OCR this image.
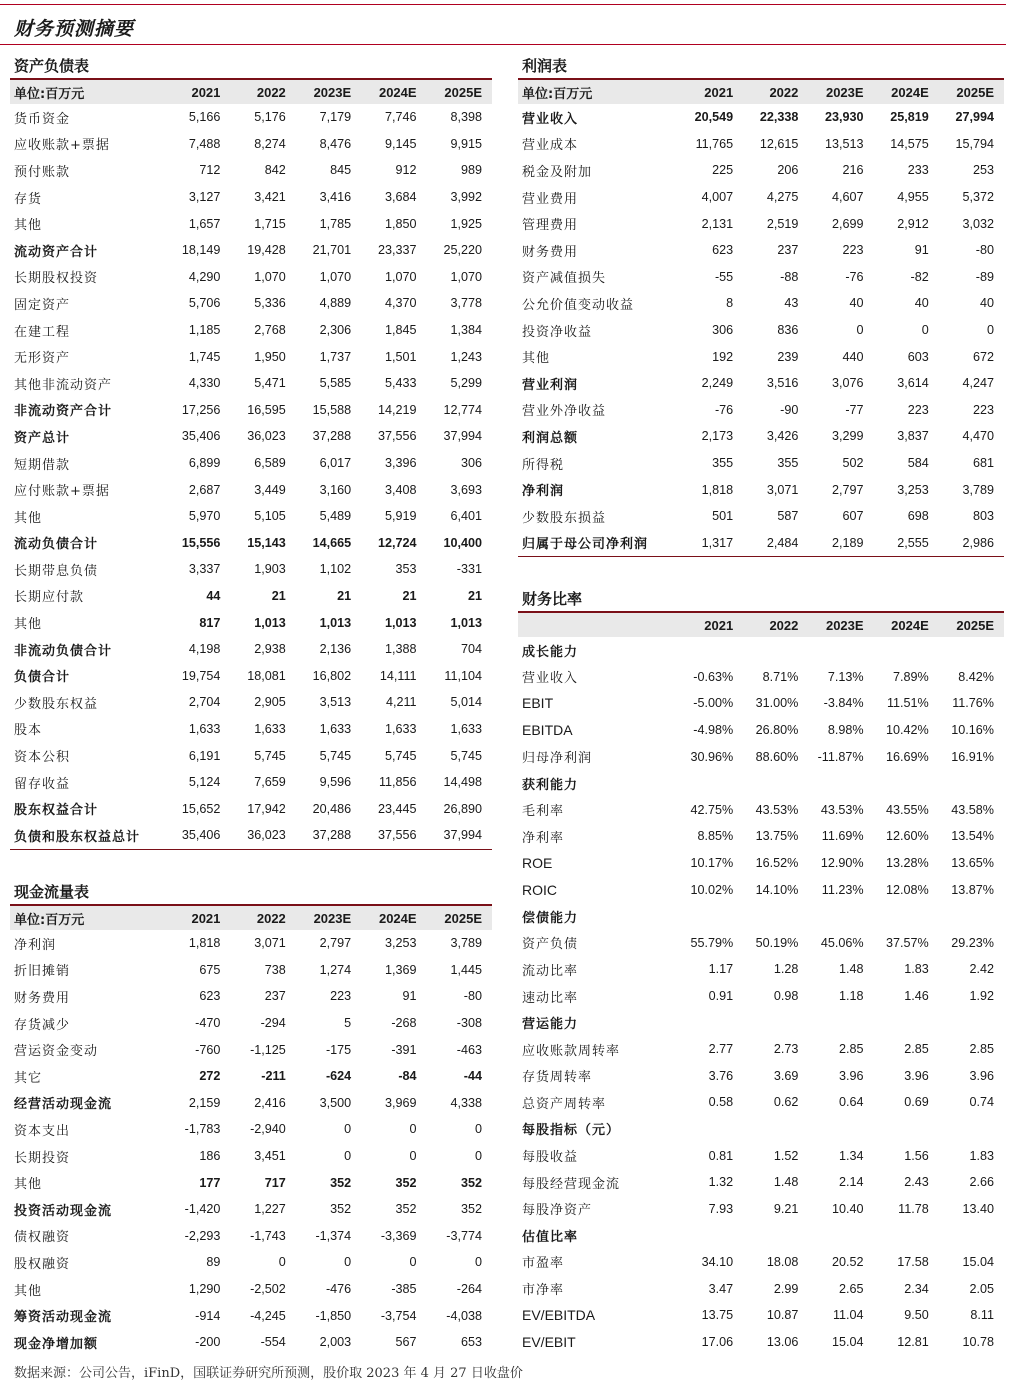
财务预测摘要
资产负债表
单位:百万元	2021	2022	2023E	2024E	2025E
货币资金	5,166	5,176	7,179	7,746	8,398
应收账款+票据	7,488	8,274	8,476	9,145	9,915
预付账款	712	842	845	912	989
存货	3,127	3,421	3,416	3,684	3,992
其他	1,657	1,715	1,785	1,850	1,925
流动资产合计	18,149	19,428	21,701	23,337	25,220
长期股权投资	4,290	1,070	1,070	1,070	1,070
固定资产	5,706	5,336	4,889	4,370	3,778
在建工程	1,185	2,768	2,306	1,845	1,384
无形资产	1,745	1,950	1,737	1,501	1,243
其他非流动资产	4,330	5,471	5,585	5,433	5,299
非流动资产合计	17,256	16,595	15,588	14,219	12,774
资产总计	35,406	36,023	37,288	37,556	37,994
短期借款	6,899	6,589	6,017	3,396	306
应付账款+票据	2,687	3,449	3,160	3,408	3,693
其他	5,970	5,105	5,489	5,919	6,401
流动负债合计	15,556	15,143	14,665	12,724	10,400
长期带息负债	3,337	1,903	1,102	353	-331
长期应付款	44	21	21	21	21
其他	817	1,013	1,013	1,013	1,013
非流动负债合计	4,198	2,938	2,136	1,388	704
负债合计	19,754	18,081	16,802	14,111	11,104
少数股东权益	2,704	2,905	3,513	4,211	5,014
股本	1,633	1,633	1,633	1,633	1,633
资本公积	6,191	5,745	5,745	5,745	5,745
留存收益	5,124	7,659	9,596	11,856	14,498
股东权益合计	15,652	17,942	20,486	23,445	26,890
负债和股东权益总计	35,406	36,023	37,288	37,556	37,994
利润表
单位:百万元	2021	2022	2023E	2024E	2025E
营业收入	20,549	22,338	23,930	25,819	27,994
营业成本	11,765	12,615	13,513	14,575	15,794
税金及附加	225	206	216	233	253
营业费用	4,007	4,275	4,607	4,955	5,372
管理费用	2,131	2,519	2,699	2,912	3,032
财务费用	623	237	223	91	-80
资产减值损失	-55	-88	-76	-82	-89
公允价值变动收益	8	43	40	40	40
投资净收益	306	836	0	0	0
其他	192	239	440	603	672
营业利润	2,249	3,516	3,076	3,614	4,247
营业外净收益	-76	-90	-77	223	223
利润总额	2,173	3,426	3,299	3,837	4,470
所得税	355	355	502	584	681
净利润	1,818	3,071	2,797	3,253	3,789
少数股东损益	501	587	607	698	803
归属于母公司净利润	1,317	2,484	2,189	2,555	2,986
财务比率
	2021	2022	2023E	2024E	2025E
成长能力					
营业收入	-0.63%	8.71%	7.13%	7.89%	8.42%
EBIT	-5.00%	31.00%	-3.84%	11.51%	11.76%
EBITDA	-4.98%	26.80%	8.98%	10.42%	10.16%
归母净利润	30.96%	88.60%	-11.87%	16.69%	16.91%
获利能力					
毛利率	42.75%	43.53%	43.53%	43.55%	43.58%
净利率	8.85%	13.75%	11.69%	12.60%	13.54%
ROE	10.17%	16.52%	12.90%	13.28%	13.65%
ROIC	10.02%	14.10%	11.23%	12.08%	13.87%
偿债能力					
资产负债	55.79%	50.19%	45.06%	37.57%	29.23%
流动比率	1.17	1.28	1.48	1.83	2.42
速动比率	0.91	0.98	1.18	1.46	1.92
营运能力					
应收账款周转率	2.77	2.73	2.85	2.85	2.85
存货周转率	3.76	3.69	3.96	3.96	3.96
总资产周转率	0.58	0.62	0.64	0.69	0.74
每股指标（元）					
每股收益	0.81	1.52	1.34	1.56	1.83
每股经营现金流	1.32	1.48	2.14	2.43	2.66
每股净资产	7.93	9.21	10.40	11.78	13.40
估值比率					
市盈率	34.10	18.08	20.52	17.58	15.04
市净率	3.47	2.99	2.65	2.34	2.05
EV/EBITDA	13.75	10.87	11.04	9.50	8.11
EV/EBIT	17.06	13.06	15.04	12.81	10.78
现金流量表
单位:百万元	2021	2022	2023E	2024E	2025E
净利润	1,818	3,071	2,797	3,253	3,789
折旧摊销	675	738	1,274	1,369	1,445
财务费用	623	237	223	91	-80
存货减少	-470	-294	5	-268	-308
营运资金变动	-760	-1,125	-175	-391	-463
其它	272	-211	-624	-84	-44
经营活动现金流	2,159	2,416	3,500	3,969	4,338
资本支出	-1,783	-2,940	0	0	0
长期投资	186	3,451	0	0	0
其他	177	717	352	352	352
投资活动现金流	-1,420	1,227	352	352	352
债权融资	-2,293	-1,743	-1,374	-3,369	-3,774
股权融资	89	0	0	0	0
其他	1,290	-2,502	-476	-385	-264
筹资活动现金流	-914	-4,245	-1,850	-3,754	-4,038
现金净增加额	-200	-554	2,003	567	653
数据来源：公司公告，iFinD，国联证券研究所预测，股价取 2023 年 4 月 27 日收盘价
